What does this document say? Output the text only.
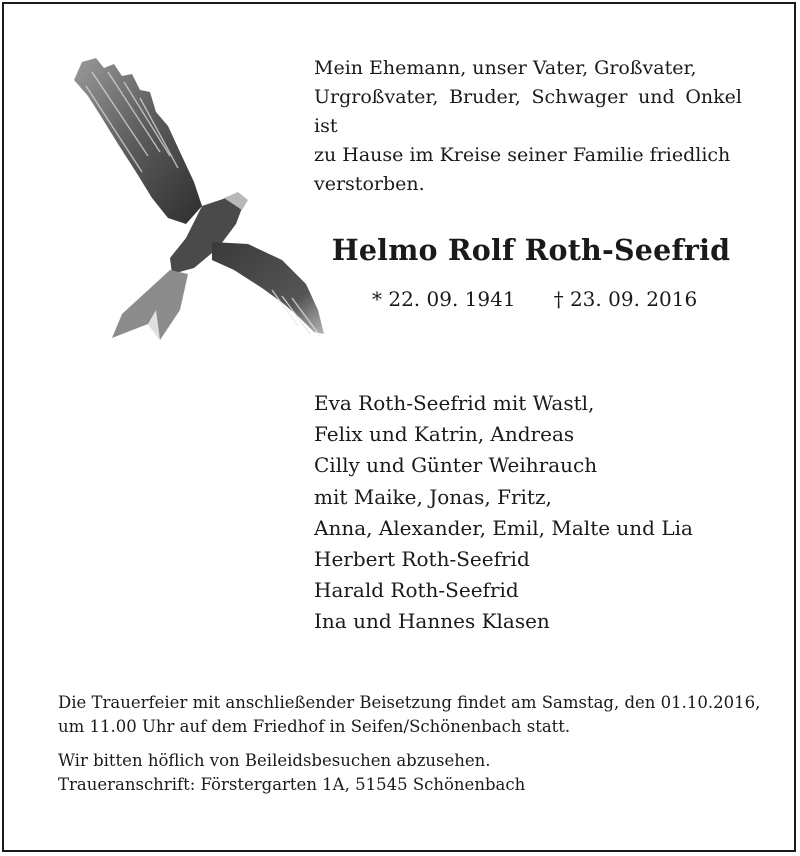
Mein Ehemann, unser Vater, Großvater,
Urgroßvater, Bruder, Schwager und Onkel ist
zu Hause im Kreise seiner Familie friedlich
verstorben.
Helmo Rolf Roth-Seefrid
* 22. 09. 1941 † 23. 09. 2016
Eva Roth-Seefrid mit Wastl,
Felix und Katrin, Andreas
Cilly und Günter Weihrauch
mit Maike, Jonas, Fritz,
Anna, Alexander, Emil, Malte und Lia
Herbert Roth-Seefrid
Harald Roth-Seefrid
Ina und Hannes Klasen
Die Trauerfeier mit anschließender Beisetzung findet am Samstag, den 01.10.2016,
um 11.00 Uhr auf dem Friedhof in Seifen/Schönenbach statt.
Wir bitten höflich von Beileidsbesuchen abzusehen.
Traueranschrift: Förstergarten 1A, 51545 Schönenbach
